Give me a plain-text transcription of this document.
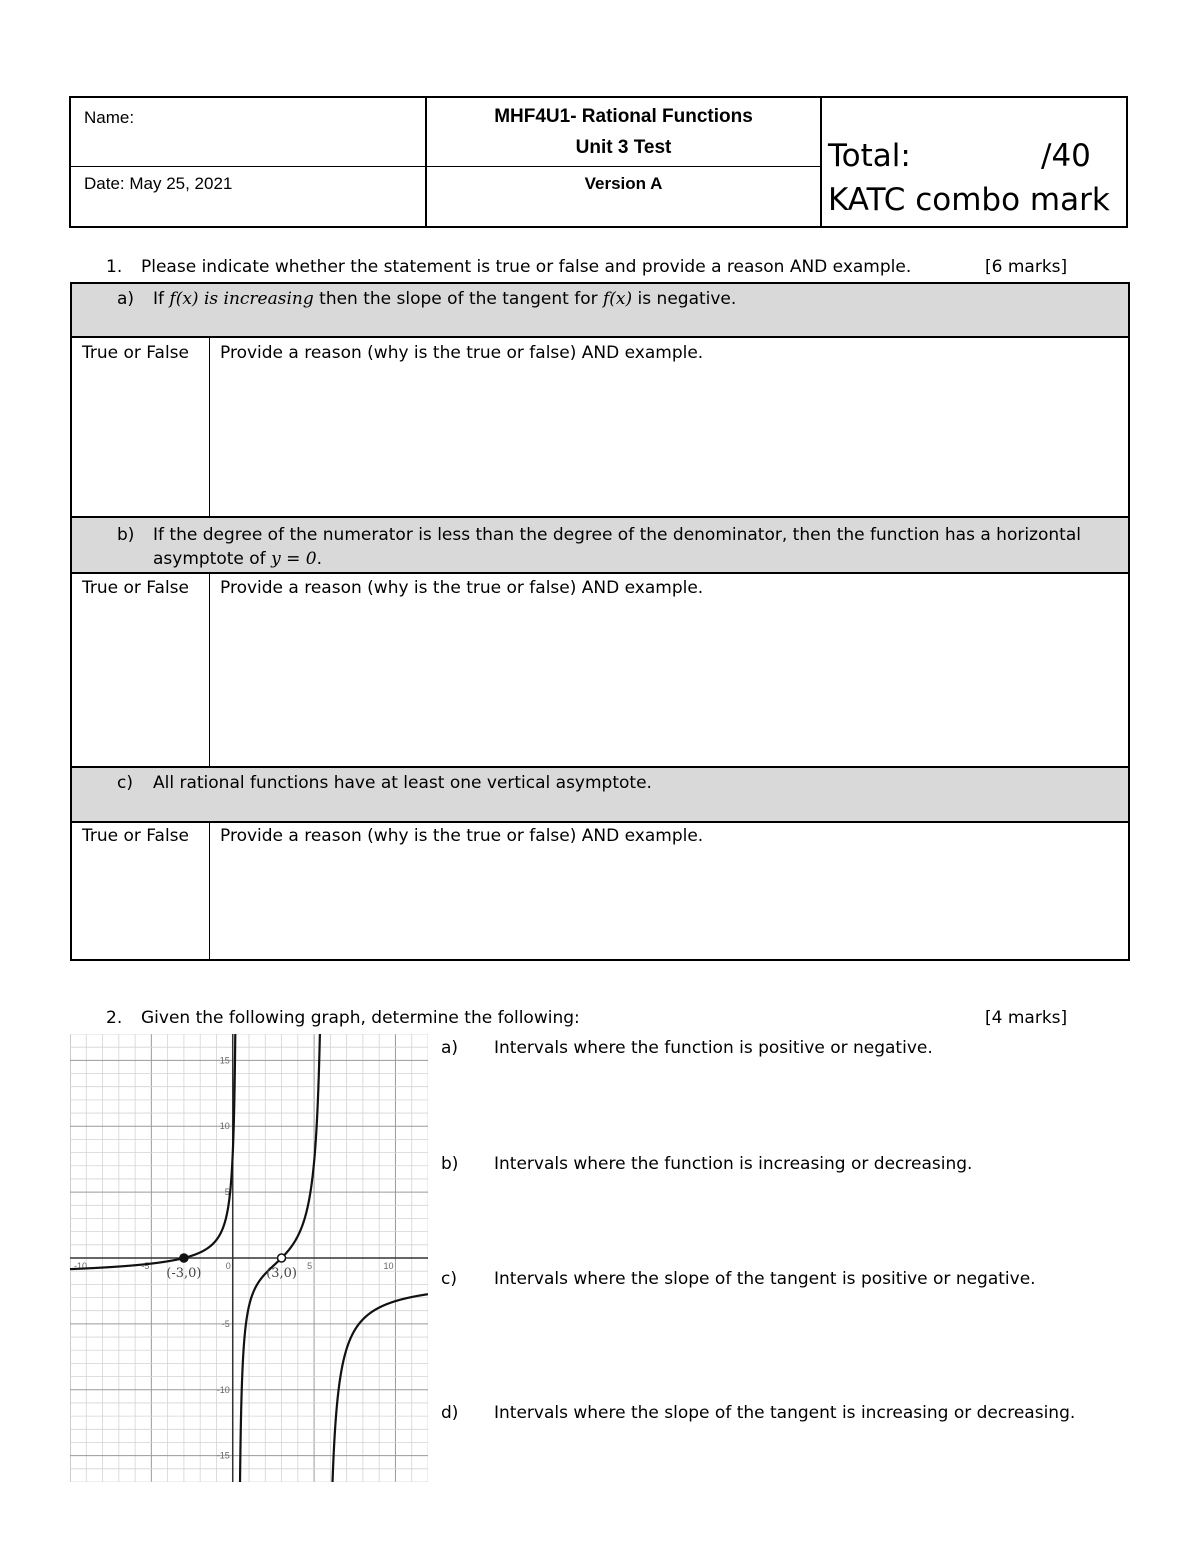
Name:
Date: May 25, 2021
MHF4U1- Rational Functions
Unit 3 Test
Version A
Total:	/40
KATC combo mark
1. Please indicate whether the statement is true or false and provide a reason AND example.	[6 marks]
a) If f(x) is increasing then the slope of the tangent for f(x) is negative.
True or False Provide a reason (why is the true or false) AND example.
b) If the degree of the numerator is less than the degree of the denominator, then the function has a horizontal
asymptote of y = 0.
True or False Provide a reason (why is the true or false) AND example.
c) All rational functions have at least one vertical asymptote.
True or False Provide a reason (why is the true or false) AND example.
2. Given the following graph, determine the following:	[4 marks]
-10	-5	0	5	10
-15
-10
-5
5
10
15
(-3,0)	(3,0)
a) Intervals where the function is positive or negative.
b) Intervals where the function is increasing or decreasing.
c) Intervals where the slope of the tangent is positive or negative.
d) Intervals where the slope of the tangent is increasing or decreasing.
